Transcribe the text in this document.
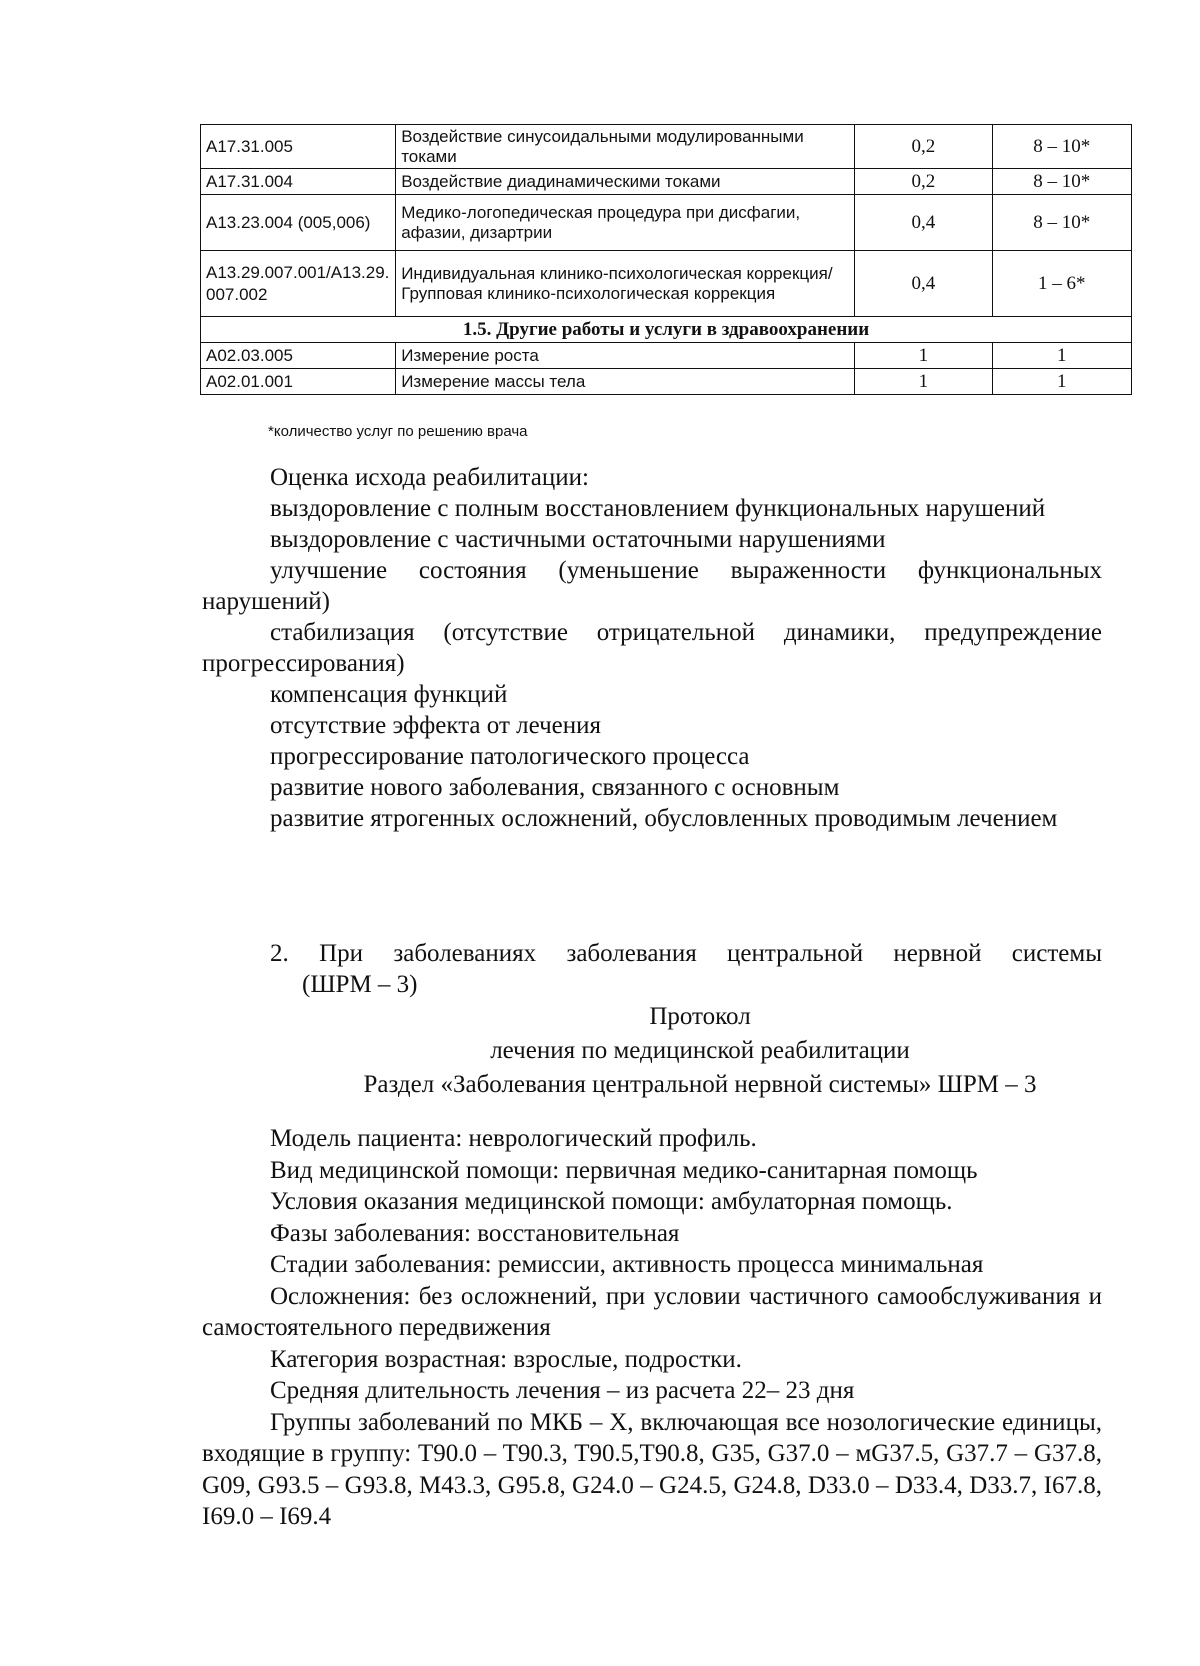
A17.31.005	Воздействие синусоидальными модулированными токами	0,2	8 – 10*
A17.31.004	Воздействие диадинамическими токами	0,2	8 – 10*
A13.23.004 (005,006)	Медико-логопедическая процедура при дисфагии, афазии, дизартрии	0,4	8 – 10*
A13.29.007.001/A13.29.007.002	Индивидуальная клинико-психологическая коррекция/Групповая клинико-психологическая коррекция	0,4	1 – 6*
1.5. Другие работы и услуги в здравоохранении			
A02.03.005	Измерение роста	1	1
A02.01.001	Измерение массы тела	1	1
*количество услуг по решению врача

Оценка исхода реабилитации:

выздоровление с полным восстановлением функциональных нарушений

выздоровление с частичными остаточными нарушениями

улучшение состояния (уменьшение выраженности функциональных нарушений)

стабилизация (отсутствие отрицательной динамики, предупреждение прогрессирования)

компенсация функций

отсутствие эффекта от лечения

прогрессирование патологического процесса

развитие нового заболевания, связанного с основным

развитие ятрогенных осложнений, обусловленных проводимым лечением

2. При заболеваниях заболевания центральной нервной системы
(ШРМ – 3)
Протокол
лечения по медицинской реабилитации
Раздел «Заболевания центральной нервной системы» ШРМ – 3

Модель пациента: неврологический профиль.

Вид медицинской помощи: первичная медико-санитарная помощь

Условия оказания медицинской помощи: амбулаторная помощь.

Фазы заболевания: восстановительная

Стадии заболевания: ремиссии, активность процесса минимальная

Осложнения: без осложнений, при условии частичного самообслуживания и самостоятельного передвижения

Категория возрастная: взрослые, подростки.

Средняя длительность лечения – из расчета 22– 23 дня

Группы заболеваний по МКБ – X, включающая все нозологические единицы, входящие в группу: T90.0 – T90.3, T90.5,T90.8, G35, G37.0 – мG37.5, G37.7 – G37.8, G09, G93.5 – G93.8, M43.3, G95.8, G24.0 – G24.5, G24.8, D33.0 – D33.4, D33.7, I67.8, I69.0 – I69.4
